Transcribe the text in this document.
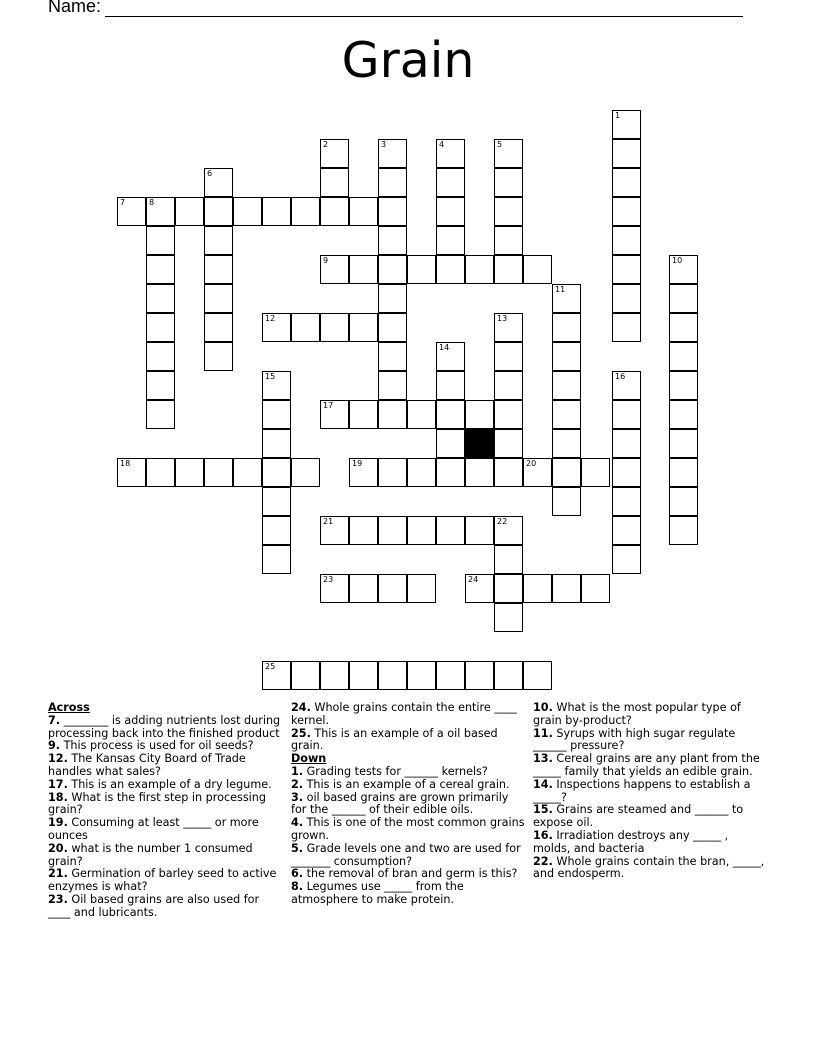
Name:
Grain
1
2	3	4	5
6
7	8
9	10
11
12	13
14
15	16
17
18	19	20
21	22
23	24
25
Across
7. ________ is adding nutrients lost during processing back into the finished product
9. This process is used for oil seeds?
12. The Kansas City Board of Trade handles what sales?
17. This is an example of a dry legume.
18. What is the first step in processing grain?
19. Consuming at least _____ or more ounces
20. what is the number 1 consumed grain?
21. Germination of barley seed to active enzymes is what?
23. Oil based grains are also used for ____ and lubricants.
24. Whole grains contain the entire ____ kernel.
25. This is an example of a oil based grain.
Down
1. Grading tests for ______ kernels?
2. This is an example of a cereal grain.
3. oil based grains are grown primarily for the ______ of their edible oils.
4. This is one of the most common grains grown.
5. Grade levels one and two are used for _______ consumption?
6. the removal of bran and germ is this?
8. Legumes use _____ from the atmosphere to make protein.
10. What is the most popular type of grain by-product?
11. Syrups with high sugar regulate ______ pressure?
13. Cereal grains are any plant from the _____ family that yields an edible grain.
14. Inspections happens to establish a _____?
15. Grains are steamed and ______ to expose oil.
16. Irradiation destroys any _____ , molds, and bacteria
22. Whole grains contain the bran, _____, and endosperm.
